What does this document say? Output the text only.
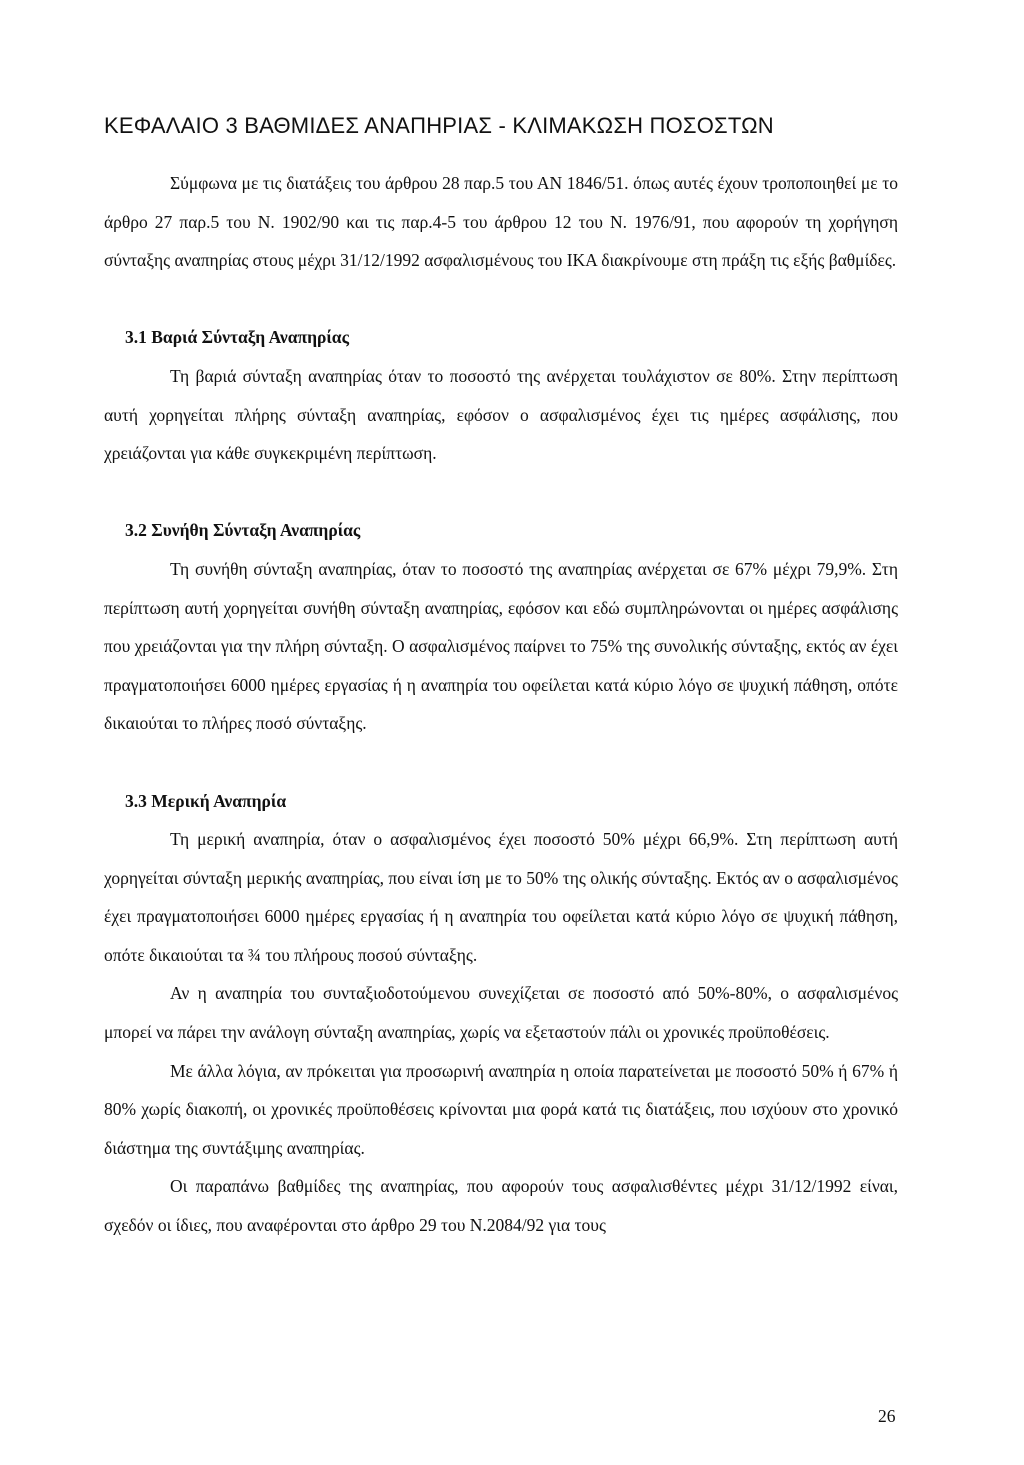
ΚΕΦΑΛΑΙΟ 3 ΒΑΘΜΙΔΕΣ ΑΝΑΠΗΡΙΑΣ - ΚΛΙΜΑΚΩΣΗ ΠΟΣΟΣΤΩΝ

Σύμφωνα με τις διατάξεις του άρθρου 28 παρ.5 του ΑΝ 1846/51. όπως αυτές έχουν τροποποιηθεί με το άρθρο 27 παρ.5 του Ν. 1902/90 και τις παρ.4-5 του άρθρου 12 του Ν. 1976/91, που αφορούν τη χορήγηση σύνταξης αναπηρίας στους μέχρι 31/12/1992 ασφαλισμένους του ΙΚΑ διακρίνουμε στη πράξη τις εξής βαθμίδες.

3.1 Βαριά Σύνταξη Αναπηρίας

Τη βαριά σύνταξη αναπηρίας όταν το ποσοστό της ανέρχεται τουλάχιστον σε 80%. Στην περίπτωση αυτή χορηγείται πλήρης σύνταξη αναπηρίας, εφόσον ο ασφαλισμένος έχει τις ημέρες ασφάλισης, που χρειάζονται για κάθε συγκεκριμένη περίπτωση.

3.2 Συνήθη Σύνταξη Αναπηρίας

Τη συνήθη σύνταξη αναπηρίας, όταν το ποσοστό της αναπηρίας ανέρχεται σε 67% μέχρι 79,9%. Στη περίπτωση αυτή χορηγείται συνήθη σύνταξη αναπηρίας, εφόσον και εδώ συμπληρώνονται οι ημέρες ασφάλισης που χρειάζονται για την πλήρη σύνταξη. Ο ασφαλισμένος παίρνει το 75% της συνολικής σύνταξης, εκτός αν έχει πραγματοποιήσει 6000 ημέρες εργασίας ή η αναπηρία του οφείλεται κατά κύριο λόγο σε ψυχική πάθηση, οπότε δικαιούται το πλήρες ποσό σύνταξης.

3.3 Μερική Αναπηρία

Τη μερική αναπηρία, όταν ο ασφαλισμένος έχει ποσοστό 50% μέχρι 66,9%. Στη περίπτωση αυτή χορηγείται σύνταξη μερικής αναπηρίας, που είναι ίση με το 50% της ολικής σύνταξης. Εκτός αν ο ασφαλισμένος έχει πραγματοποιήσει 6000 ημέρες εργασίας ή η αναπηρία του οφείλεται κατά κύριο λόγο σε ψυχική πάθηση, οπότε δικαιούται τα ¾ του πλήρους ποσού σύνταξης.

Αν η αναπηρία του συνταξιοδοτούμενου συνεχίζεται σε ποσοστό από 50%-80%, ο ασφαλισμένος μπορεί να πάρει την ανάλογη σύνταξη αναπηρίας, χωρίς να εξεταστούν πάλι οι χρονικές προϋποθέσεις.

Με άλλα λόγια, αν πρόκειται για προσωρινή αναπηρία η οποία παρατείνεται με ποσοστό 50% ή 67% ή 80% χωρίς διακοπή, οι χρονικές προϋποθέσεις κρίνονται μια φορά κατά τις διατάξεις, που ισχύουν στο χρονικό διάστημα της συντάξιμης αναπηρίας.

Οι παραπάνω βαθμίδες της αναπηρίας, που αφορούν τους ασφαλισθέντες μέχρι 31/12/1992 είναι, σχεδόν οι ίδιες, που αναφέρονται στο άρθρο 29 του Ν.2084/92 για τους

26
